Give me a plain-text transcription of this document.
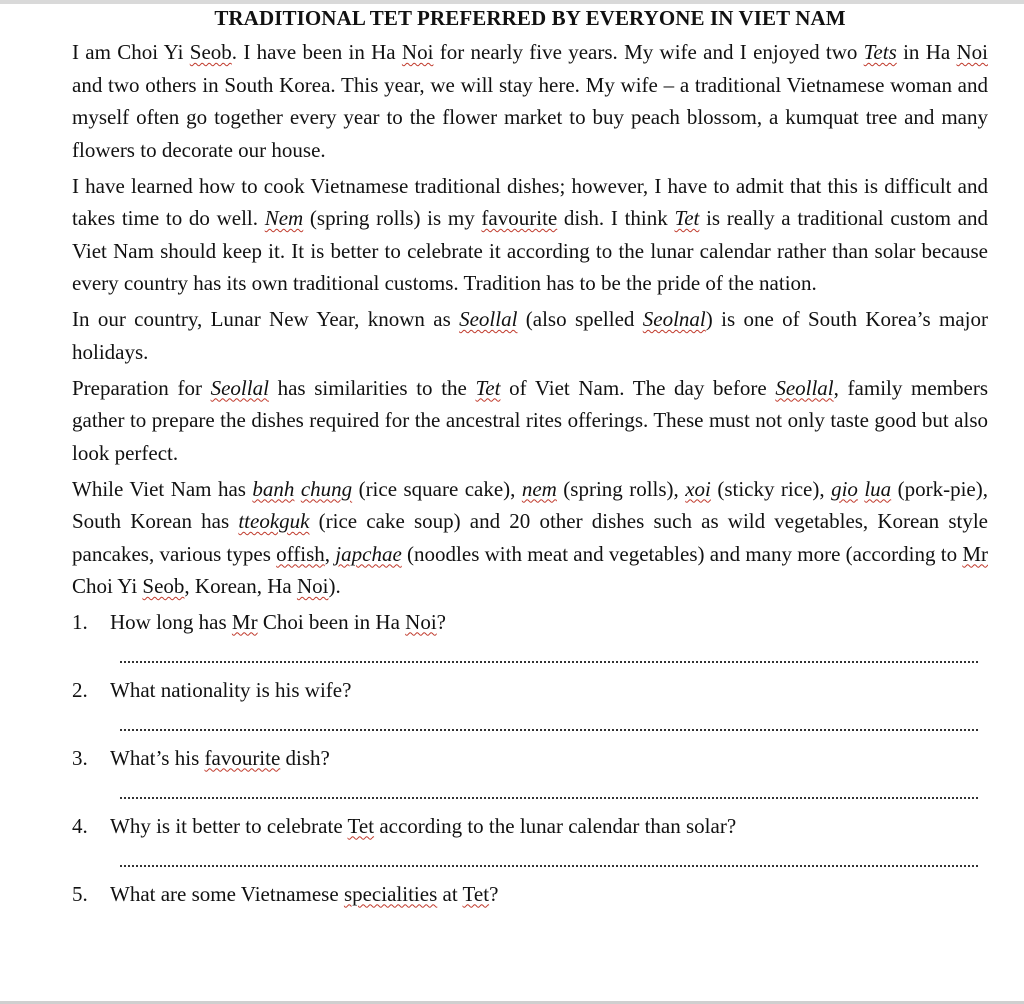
TRADITIONAL TET PREFERRED BY EVERYONE IN VIET NAM

I am Choi Yi Seob. I have been in Ha Noi for nearly five years. My wife and I enjoyed two Tets in Ha Noi and two others in South Korea. This year, we will stay here. My wife – a traditional Vietnamese woman and myself often go together every year to the flower market to buy peach blossom, a kumquat tree and many flowers to decorate our house.

I have learned how to cook Vietnamese traditional dishes; however, I have to admit that this is difficult and takes time to do well. Nem (spring rolls) is my favourite dish. I think Tet is really a traditional custom and Viet Nam should keep it. It is better to celebrate it according to the lunar calendar rather than solar because every country has its own traditional customs. Tradition has to be the pride of the nation.

In our country, Lunar New Year, known as Seollal (also spelled Seolnal) is one of South Korea’s major holidays.

Preparation for Seollal has similarities to the Tet of Viet Nam. The day before Seollal, family members gather to prepare the dishes required for the ancestral rites offerings. These must not only taste good but also look perfect.

While Viet Nam has banh chung (rice square cake), nem (spring rolls), xoi (sticky rice), gio lua (pork-pie), South Korean has tteokguk (rice cake soup) and 20 other dishes such as wild vegetables, Korean style pancakes, various types offish, japchae (noodles with meat and vegetables) and many more (according to Mr Choi Yi Seob, Korean, Ha Noi).

1. How long has Mr Choi been in Ha Noi?
2. What nationality is his wife?
3. What’s his favourite dish?
4. Why is it better to celebrate Tet according to the lunar calendar than solar?
5. What are some Vietnamese specialities at Tet?
